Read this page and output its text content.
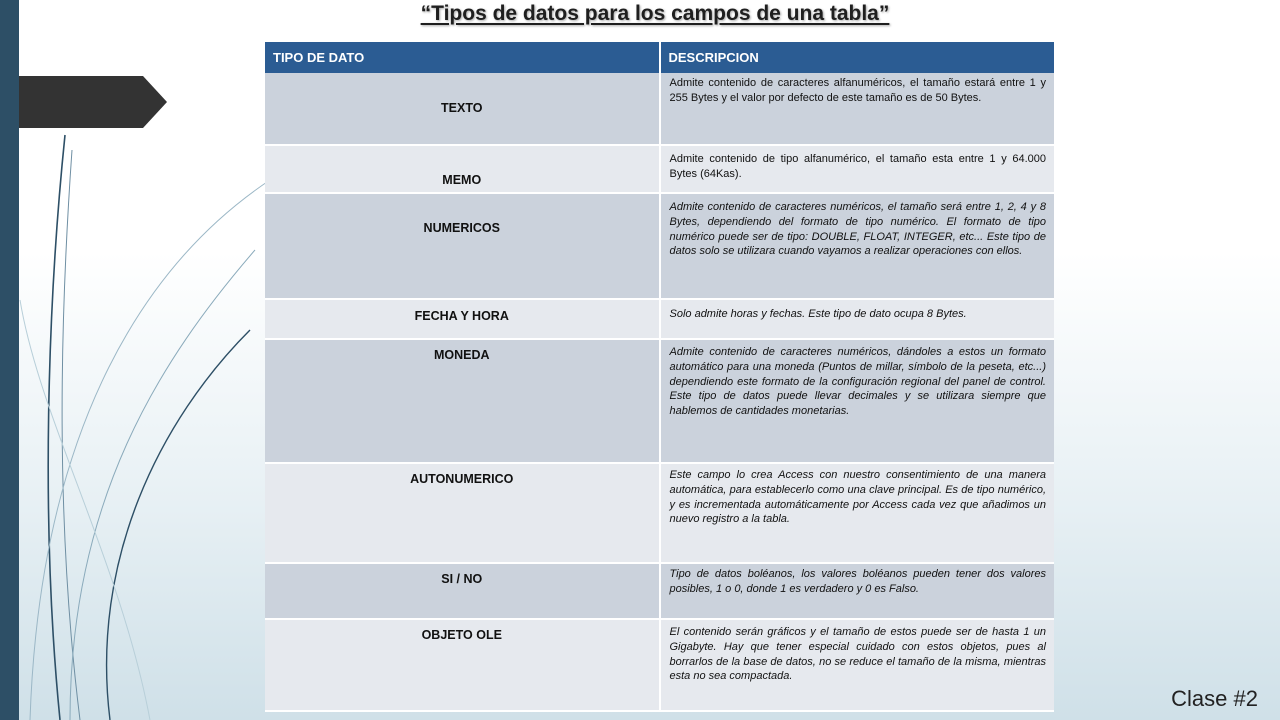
“Tipos de datos para los campos de una tabla”
TIPO DE DATO	DESCRIPCION
TEXTO	Admite contenido de caracteres alfanuméricos, el tamaño estará entre 1 y 255 Bytes y el valor por defecto de este tamaño es de 50 Bytes.
MEMO	Admite contenido de tipo alfanumérico, el tamaño esta entre 1 y 64.000 Bytes (64Kas).
NUMERICOS	Admite contenido de caracteres numéricos, el tamaño será entre 1, 2, 4 y 8 Bytes, dependiendo del formato de tipo numérico. El formato de tipo numérico puede ser de tipo: DOUBLE, FLOAT, INTEGER, etc... Este tipo de datos solo se utilizara cuando vayamos a realizar operaciones con ellos.
FECHA Y HORA	Solo admite horas y fechas. Este tipo de dato ocupa 8 Bytes.
MONEDA	Admite contenido de caracteres numéricos, dándoles a estos un formato automático para una moneda (Puntos de millar, símbolo de la peseta, etc...) dependiendo este formato de la configuración regional del panel de control. Este tipo de datos puede llevar decimales y se utilizara siempre que hablemos de cantidades monetarias.
AUTONUMERICO	Este campo lo crea Access con nuestro consentimiento de una manera automática, para establecerlo como una clave principal. Es de tipo numérico, y es incrementada automáticamente por Access cada vez que añadimos un nuevo registro a la tabla.
SI / NO	Tipo de datos boléanos, los valores boléanos pueden tener dos valores posibles, 1 o 0, donde 1 es verdadero y 0 es Falso.
OBJETO OLE	El contenido serán gráficos y el tamaño de estos puede ser de hasta 1 un Gigabyte. Hay que tener especial cuidado con estos objetos, pues al borrarlos de la base de datos, no se reduce el tamaño de la misma, mientras esta no sea compactada.

Clase #2
